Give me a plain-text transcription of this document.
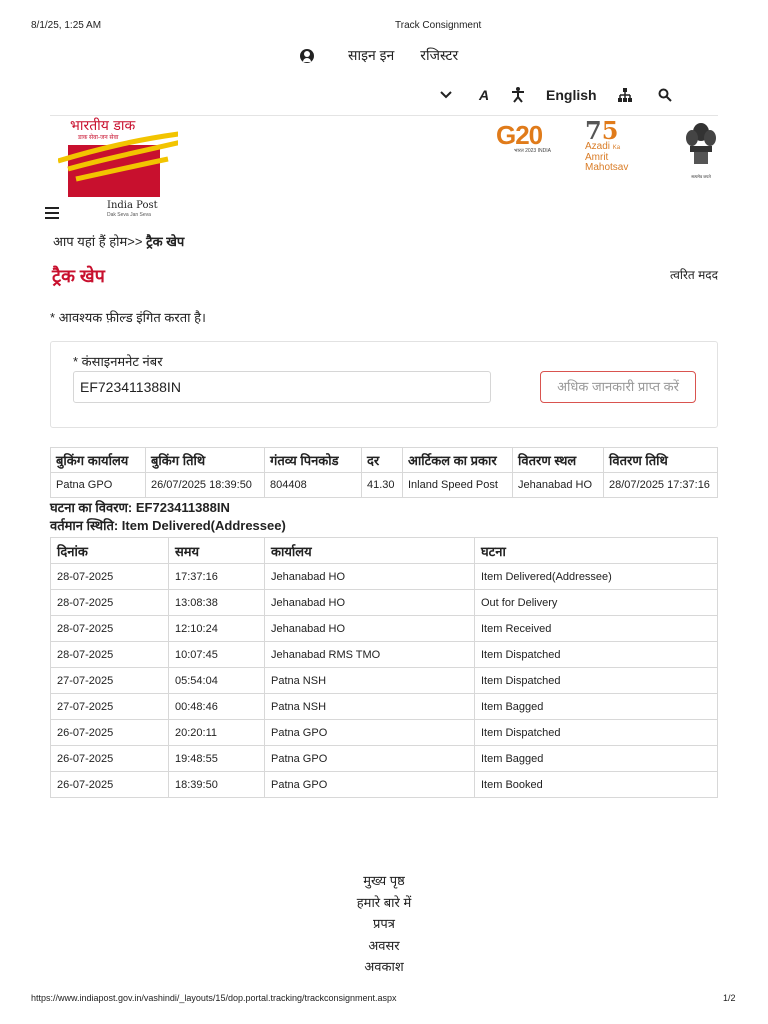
8/1/25, 1:25 AM	Track Consignment
साइन इन रजिस्टर
A	English
भारतीय डाक
डाक सेवा-जन सेवा
India Post
Dak Seva Jan Seva
G20
भारत 2023 INDIA
75
Azadi Ka
Amrit Mahotsav
सत्यमेव जयते
आप यहां हैं होम>> ट्रैक खेप
ट्रैक खेप	त्वरित मदद
* आवश्यक फ़ील्ड इंगित करता है।
* कंसाइनमनेट नंबर
EF723411388IN	अधिक जानकारी प्राप्त करें
बुकिंग कार्यालय	बुकिंग तिथि	गंतव्य पिनकोड	दर	आर्टिकल का प्रकार	वितरण स्थल	वितरण तिथि
Patna GPO	26/07/2025 18:39:50	804408	41.30	Inland Speed Post	Jehanabad HO	28/07/2025 17:37:16
घटना का विवरण: EF723411388IN
वर्तमान स्थिति: Item Delivered(Addressee)
दिनांक	समय	कार्यालय	घटना
28-07-2025	17:37:16	Jehanabad HO	Item Delivered(Addressee)
28-07-2025	13:08:38	Jehanabad HO	Out for Delivery
28-07-2025	12:10:24	Jehanabad HO	Item Received
28-07-2025	10:07:45	Jehanabad RMS TMO	Item Dispatched
27-07-2025	05:54:04	Patna NSH	Item Dispatched
27-07-2025	00:48:46	Patna NSH	Item Bagged
26-07-2025	20:20:11	Patna GPO	Item Dispatched
26-07-2025	19:48:55	Patna GPO	Item Bagged
26-07-2025	18:39:50	Patna GPO	Item Booked
मुख्य पृष्ठ
हमारे बारे में
प्रपत्र
अवसर
अवकाश
https://www.indiapost.gov.in/vashindi/_layouts/15/dop.portal.tracking/trackconsignment.aspx	1/2
